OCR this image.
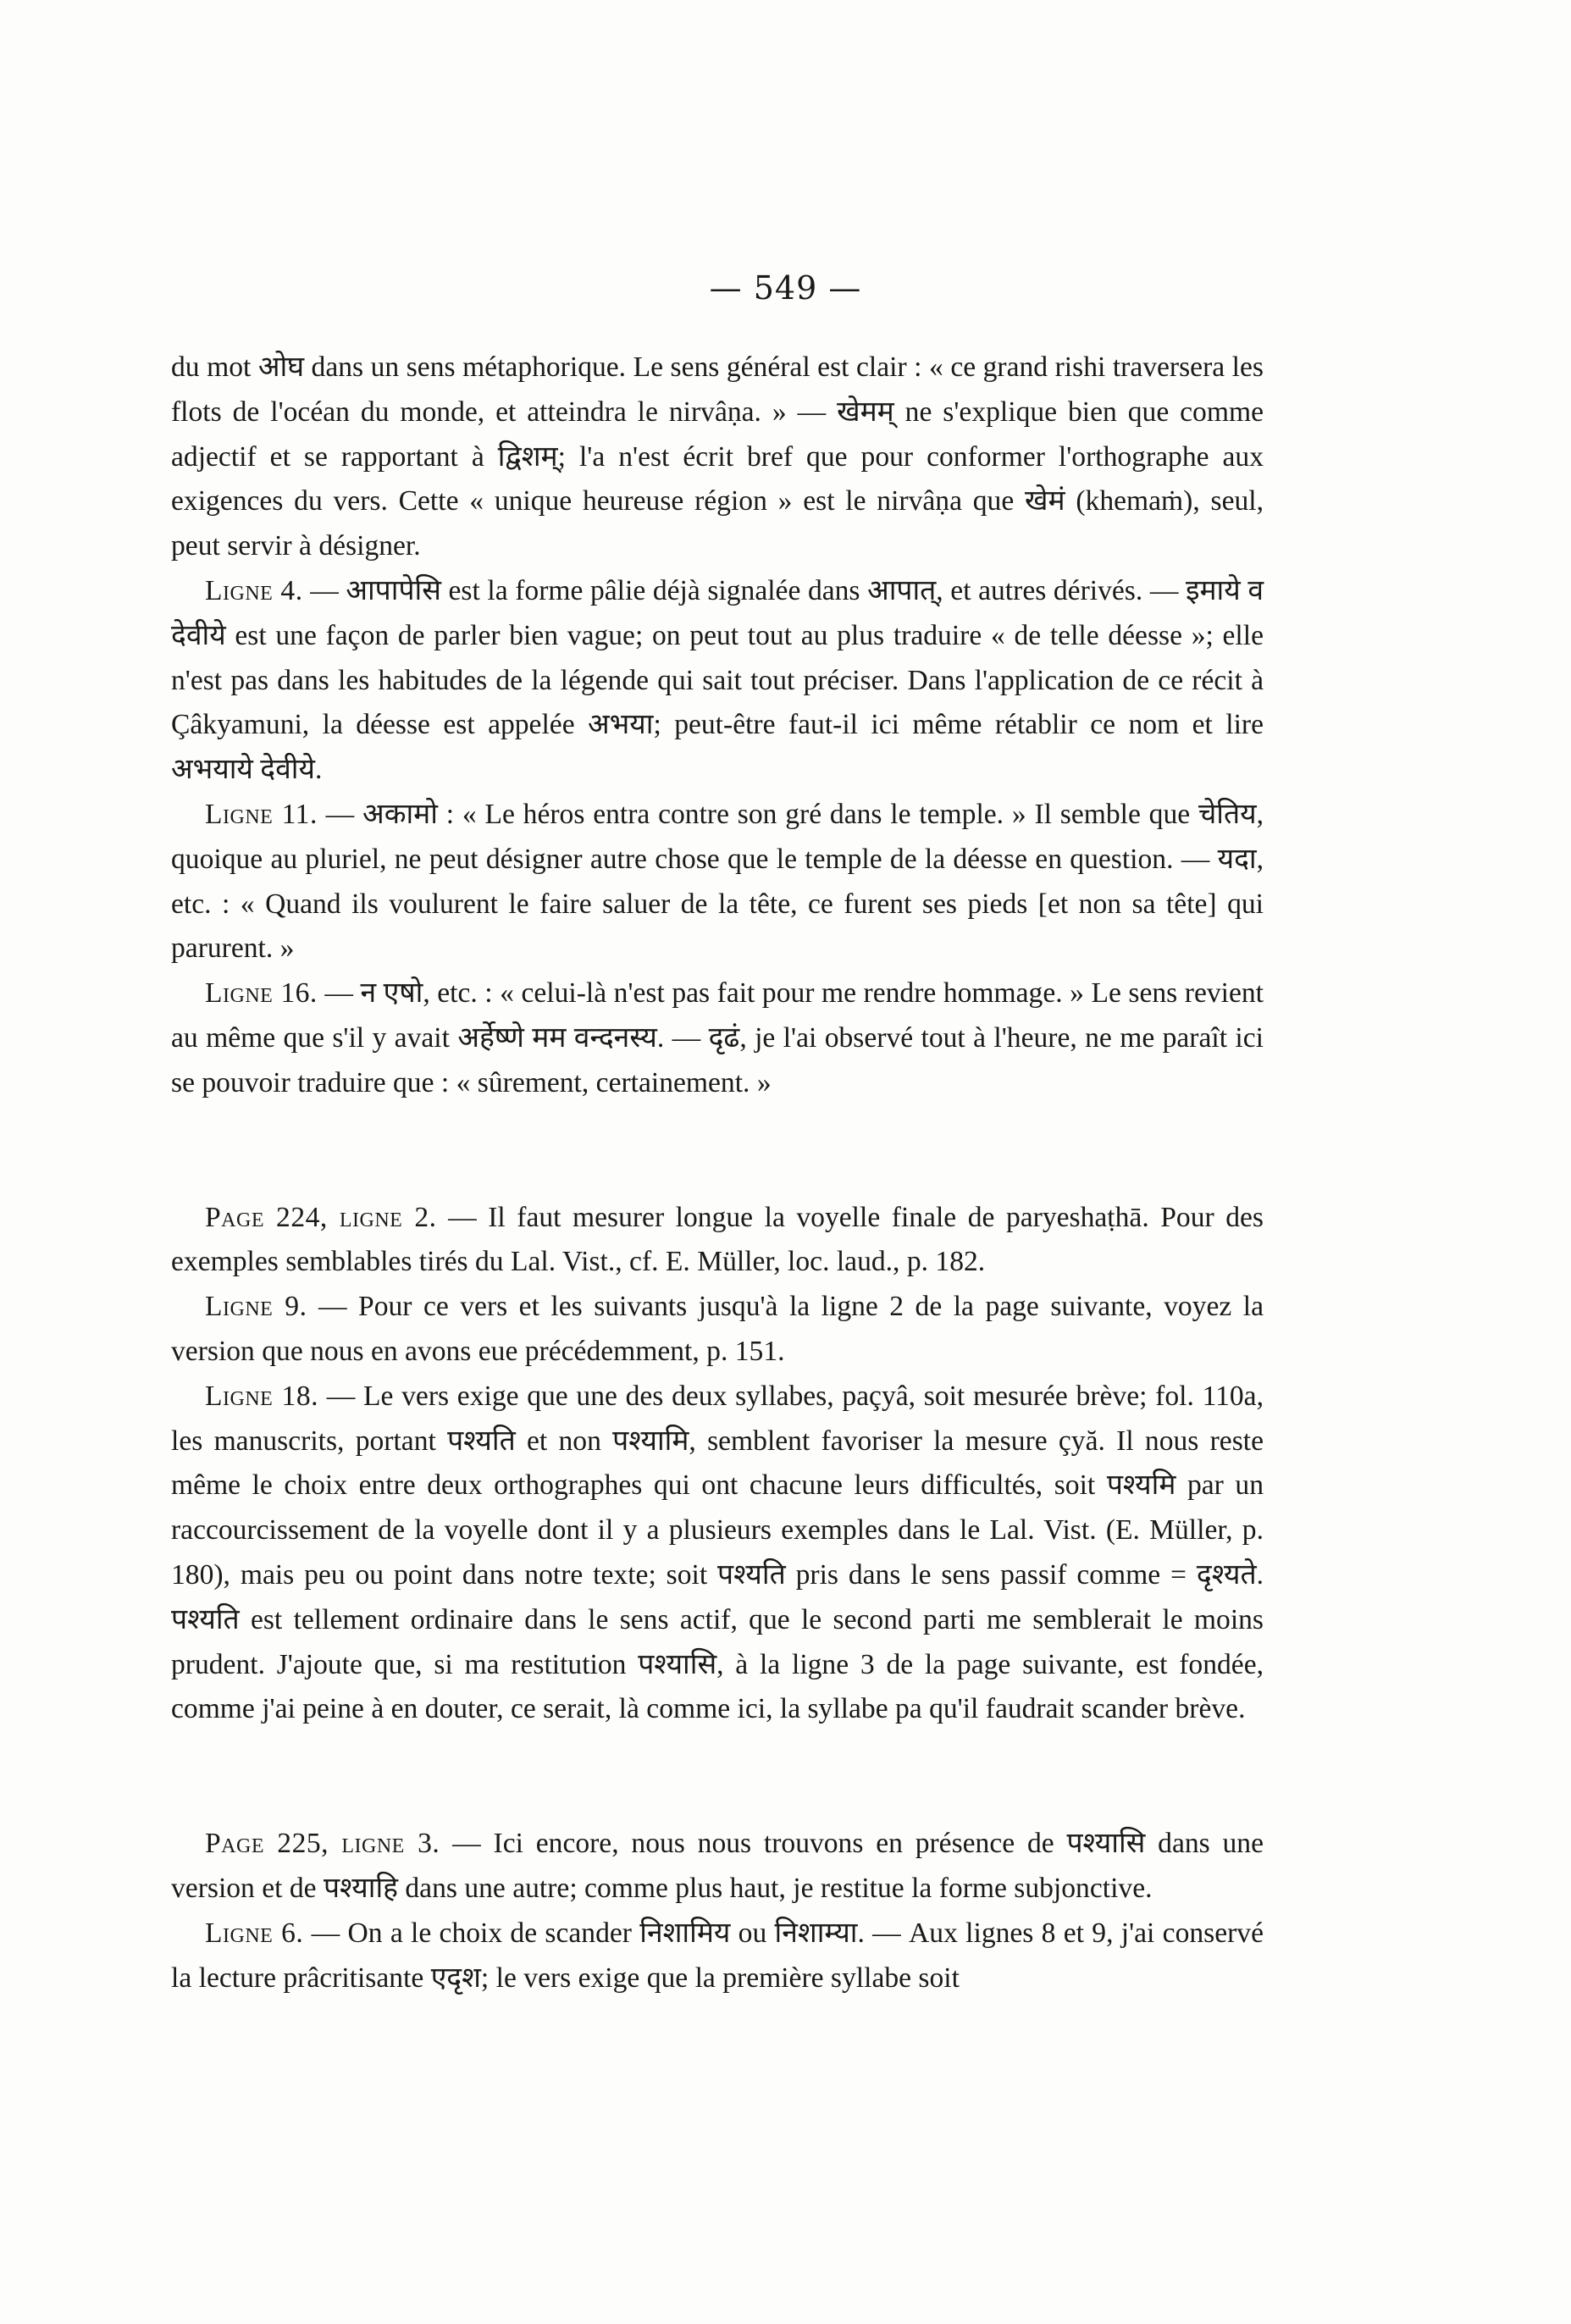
— 549 —

du mot ओघ dans un sens métaphorique. Le sens général est clair : « ce grand rishi traversera les flots de l'océan du monde, et atteindra le nirvâṇa. » — खेमम् ne s'explique bien que comme adjectif et se rapportant à द्विशम्; l'a n'est écrit bref que pour conformer l'orthographe aux exigences du vers. Cette « unique heureuse région » est le nirvâṇa que खेमं (khemaṁ), seul, peut servir à désigner.

Ligne 4. — आपापेसि est la forme pâlie déjà signalée dans आपात्, et autres dérivés. — इमाये व देवीये est une façon de parler bien vague; on peut tout au plus traduire « de telle déesse »; elle n'est pas dans les habitudes de la légende qui sait tout préciser. Dans l'application de ce récit à Çâkyamuni, la déesse est appelée अभया; peut-être faut-il ici même rétablir ce nom et lire अभयाये देवीये.

Ligne 11. — अकामो : « Le héros entra contre son gré dans le temple. » Il semble que चेतिय, quoique au pluriel, ne peut désigner autre chose que le temple de la déesse en question. — यदा, etc. : « Quand ils voulurent le faire saluer de la tête, ce furent ses pieds [et non sa tête] qui parurent. »

Ligne 16. — न एषो, etc. : « celui-là n'est pas fait pour me rendre hommage. » Le sens revient au même que s'il y avait अर्हेष्णे मम वन्दनस्य. — दृढं, je l'ai observé tout à l'heure, ne me paraît ici se pouvoir traduire que : « sûrement, certainement. »

Page 224, ligne 2. — Il faut mesurer longue la voyelle finale de paryeshaṭhā. Pour des exemples semblables tirés du Lal. Vist., cf. E. Müller, loc. laud., p. 182.

Ligne 9. — Pour ce vers et les suivants jusqu'à la ligne 2 de la page suivante, voyez la version que nous en avons eue précédemment, p. 151.

Ligne 18. — Le vers exige que une des deux syllabes, paçyâ, soit mesurée brève; fol. 110a, les manuscrits, portant पश्यति et non पश्यामि, semblent favoriser la mesure çyă. Il nous reste même le choix entre deux orthographes qui ont chacune leurs difficultés, soit पश्यमि par un raccourcissement de la voyelle dont il y a plusieurs exemples dans le Lal. Vist. (E. Müller, p. 180), mais peu ou point dans notre texte; soit पश्यति pris dans le sens passif comme = दृश्यते. पश्यति est tellement ordinaire dans le sens actif, que le second parti me semblerait le moins prudent. J'ajoute que, si ma restitution पश्यासि, à la ligne 3 de la page suivante, est fondée, comme j'ai peine à en douter, ce serait, là comme ici, la syllabe pa qu'il faudrait scander brève.

Page 225, ligne 3. — Ici encore, nous nous trouvons en présence de पश्यासि dans une version et de पश्याहि dans une autre; comme plus haut, je restitue la forme subjonctive.

Ligne 6. — On a le choix de scander निशामिय ou निशाम्या. — Aux lignes 8 et 9, j'ai conservé la lecture prâcritisante एदृश; le vers exige que la première syllabe soit
